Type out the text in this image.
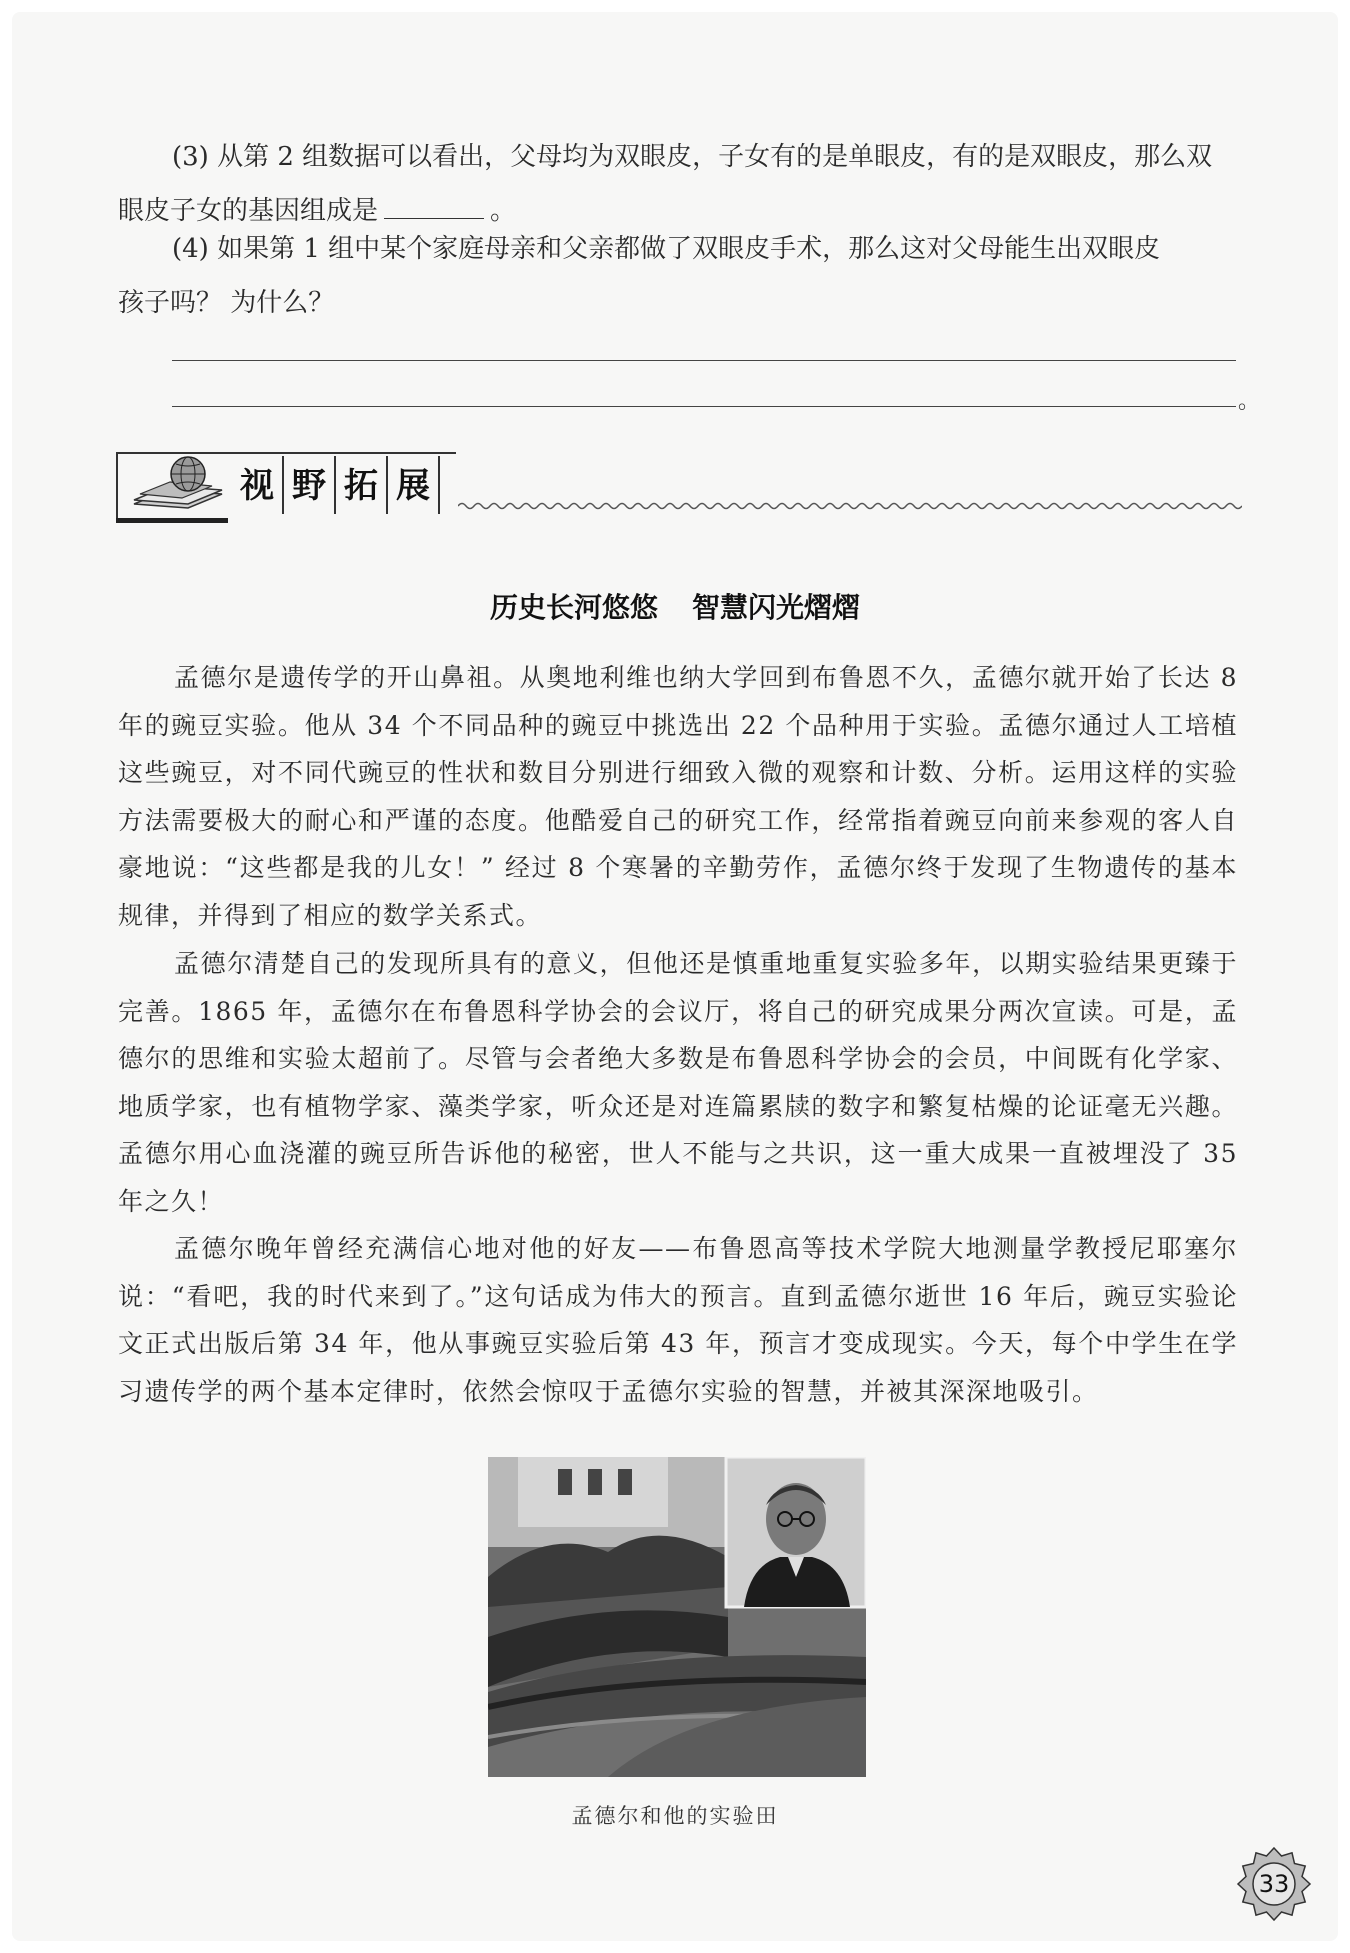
(3) 从第 2 组数据可以看出，父母均为双眼皮，子女有的是单眼皮，有的是双眼皮，那么双
眼皮子女的基因组成是	。
(4) 如果第 1 组中某个家庭母亲和父亲都做了双眼皮手术，那么这对父母能生出双眼皮
孩子吗？ 为什么？
。
视野拓展
历史长河悠悠 智慧闪光熠熠
孟德尔是遗传学的开山鼻祖。从奥地利维也纳大学回到布鲁恩不久，孟德尔就开始了长达 8 年的豌豆实验。他从 34 个不同品种的豌豆中挑选出 22 个品种用于实验。孟德尔通过人工培植这些豌豆，对不同代豌豆的性状和数目分别进行细致入微的观察和计数、分析。运用这样的实验方法需要极大的耐心和严谨的态度。他酷爱自己的研究工作，经常指着豌豆向前来参观的客人自豪地说：“这些都是我的儿女！” 经过 8 个寒暑的辛勤劳作，孟德尔终于发现了生物遗传的基本规律，并得到了相应的数学关系式。
孟德尔清楚自己的发现所具有的意义，但他还是慎重地重复实验多年，以期实验结果更臻于完善。1865 年，孟德尔在布鲁恩科学协会的会议厅，将自己的研究成果分两次宣读。可是，孟德尔的思维和实验太超前了。尽管与会者绝大多数是布鲁恩科学协会的会员，中间既有化学家、地质学家，也有植物学家、藻类学家，听众还是对连篇累牍的数字和繁复枯燥的论证毫无兴趣。孟德尔用心血浇灌的豌豆所告诉他的秘密，世人不能与之共识，这一重大成果一直被埋没了 35 年之久！
孟德尔晚年曾经充满信心地对他的好友——布鲁恩高等技术学院大地测量学教授尼耶塞尔说：“看吧，我的时代来到了。”这句话成为伟大的预言。直到孟德尔逝世 16 年后，豌豆实验论文正式出版后第 34 年，他从事豌豆实验后第 43 年，预言才变成现实。今天，每个中学生在学习遗传学的两个基本定律时，依然会惊叹于孟德尔实验的智慧，并被其深深地吸引。
孟德尔和他的实验田
33
